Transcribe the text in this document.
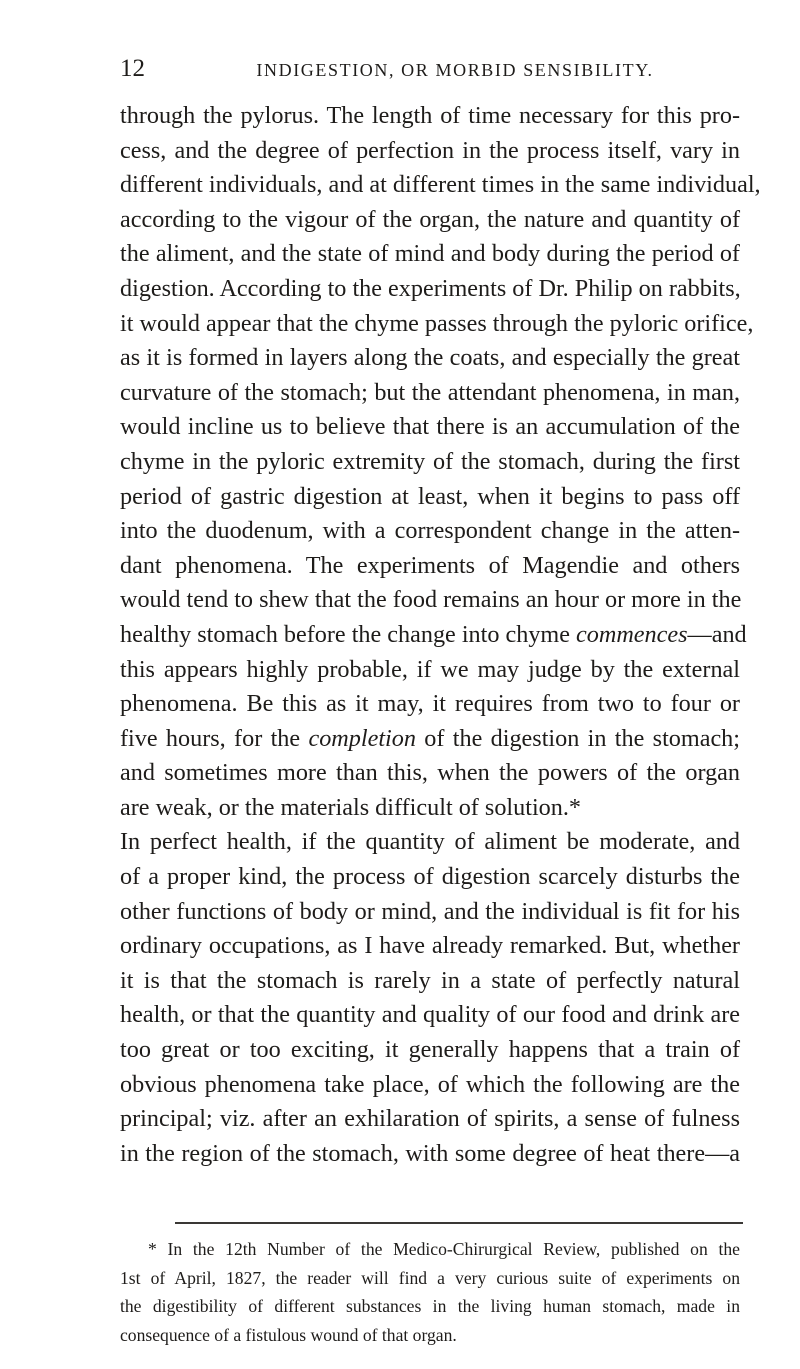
12	INDIGESTION, OR MORBID SENSIBILITY.
through the pylorus. The length of time necessary for this pro-
cess, and the degree of perfection in the process itself, vary in
different individuals, and at different times in the same individual,
according to the vigour of the organ, the nature and quantity of
the aliment, and the state of mind and body during the period of
digestion. According to the experiments of Dr. Philip on rabbits,
it would appear that the chyme passes through the pyloric orifice,
as it is formed in layers along the coats, and especially the great
curvature of the stomach; but the attendant phenomena, in man,
would incline us to believe that there is an accumulation of the
chyme in the pyloric extremity of the stomach, during the first
period of gastric digestion at least, when it begins to pass off
into the duodenum, with a correspondent change in the atten-
dant phenomena. The experiments of Magendie and others
would tend to shew that the food remains an hour or more in the
healthy stomach before the change into chyme commences—and
this appears highly probable, if we may judge by the external
phenomena. Be this as it may, it requires from two to four or
five hours, for the completion of the digestion in the stomach;
and sometimes more than this, when the powers of the organ
are weak, or the materials difficult of solution.*
In perfect health, if the quantity of aliment be moderate, and
of a proper kind, the process of digestion scarcely disturbs the
other functions of body or mind, and the individual is fit for his
ordinary occupations, as I have already remarked. But, whether
it is that the stomach is rarely in a state of perfectly natural
health, or that the quantity and quality of our food and drink are
too great or too exciting, it generally happens that a train of
obvious phenomena take place, of which the following are the
principal; viz. after an exhilaration of spirits, a sense of fulness
in the region of the stomach, with some degree of heat there—a
* In the 12th Number of the Medico-Chirurgical Review, published on the
1st of April, 1827, the reader will find a very curious suite of experiments on
the digestibility of different substances in the living human stomach, made in
consequence of a fistulous wound of that organ.
